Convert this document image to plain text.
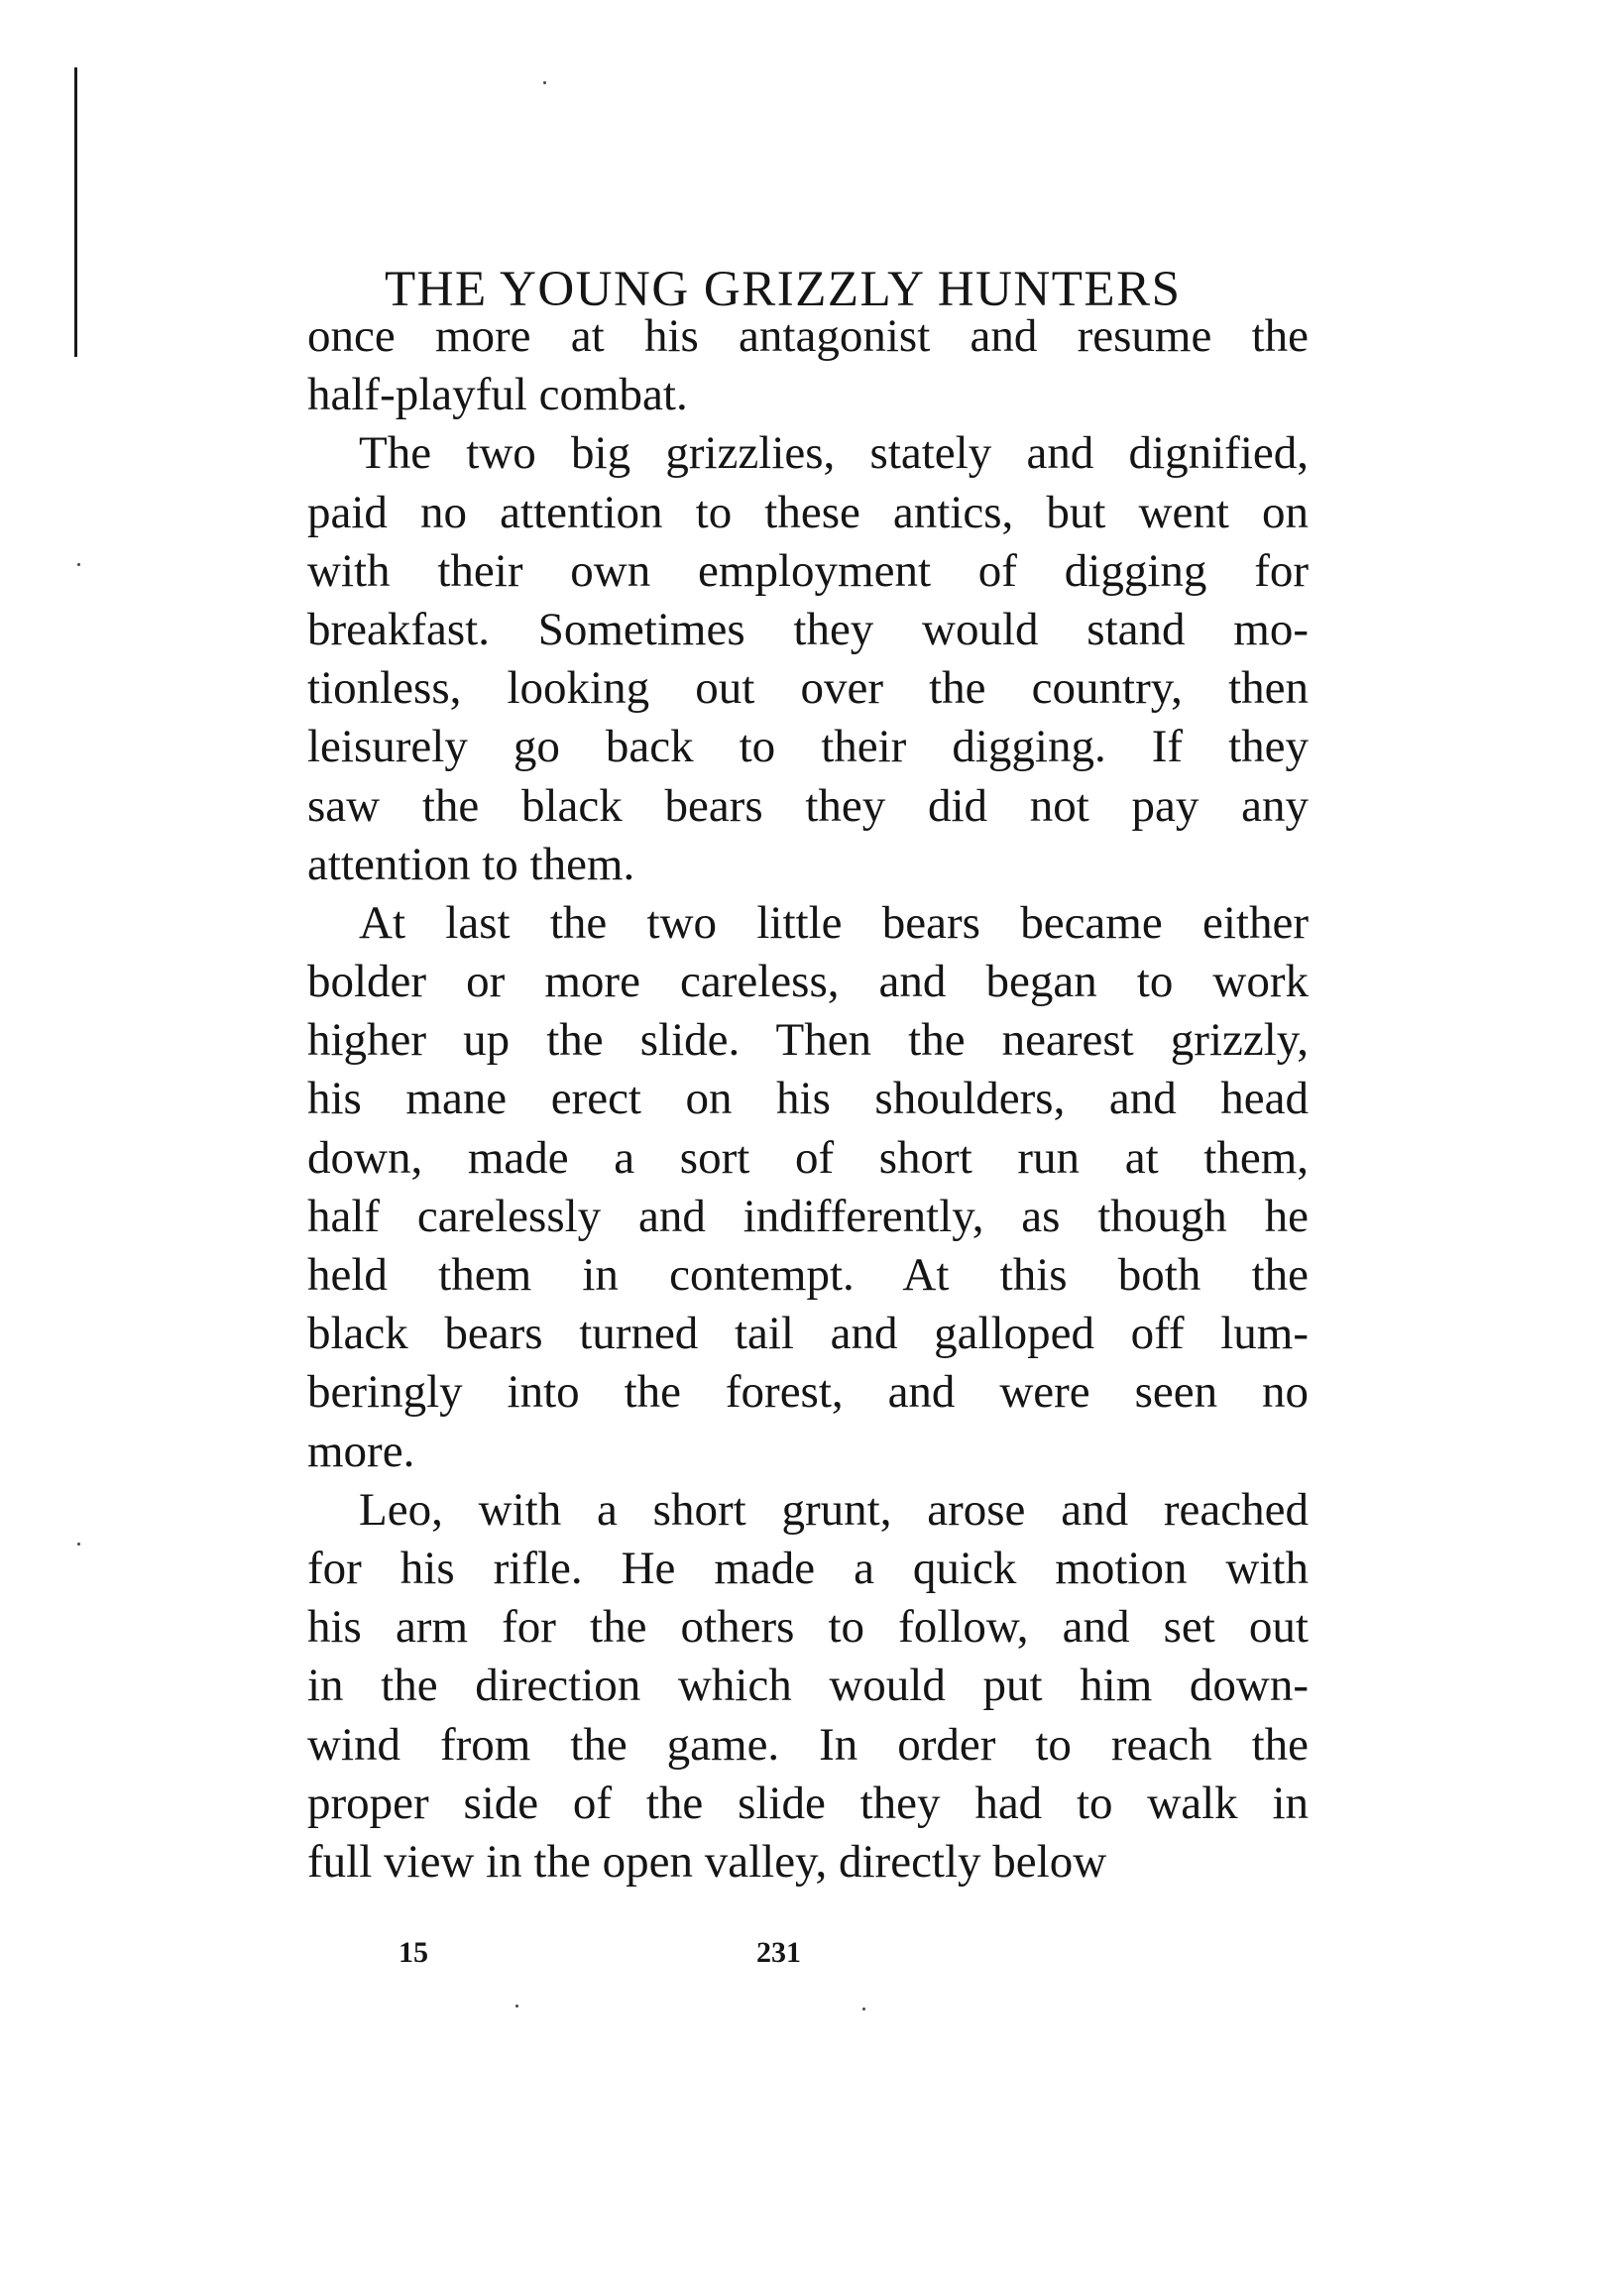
THE YOUNG GRIZZLY HUNTERS
once more at his antagonist and resume the
half-playful combat.
The two big grizzlies, stately and dignified,
paid no attention to these antics, but went on
with their own employment of digging for
breakfast. Sometimes they would stand mo-
tionless, looking out over the country, then
leisurely go back to their digging. If they
saw the black bears they did not pay any
attention to them.
At last the two little bears became either
bolder or more careless, and began to work
higher up the slide. Then the nearest grizzly,
his mane erect on his shoulders, and head
down, made a sort of short run at them,
half carelessly and indifferently, as though he
held them in contempt. At this both the
black bears turned tail and galloped off lum-
beringly into the forest, and were seen no
more.
Leo, with a short grunt, arose and reached
for his rifle. He made a quick motion with
his arm for the others to follow, and set out
in the direction which would put him down-
wind from the game. In order to reach the
proper side of the slide they had to walk in
full view in the open valley, directly below
15	231
